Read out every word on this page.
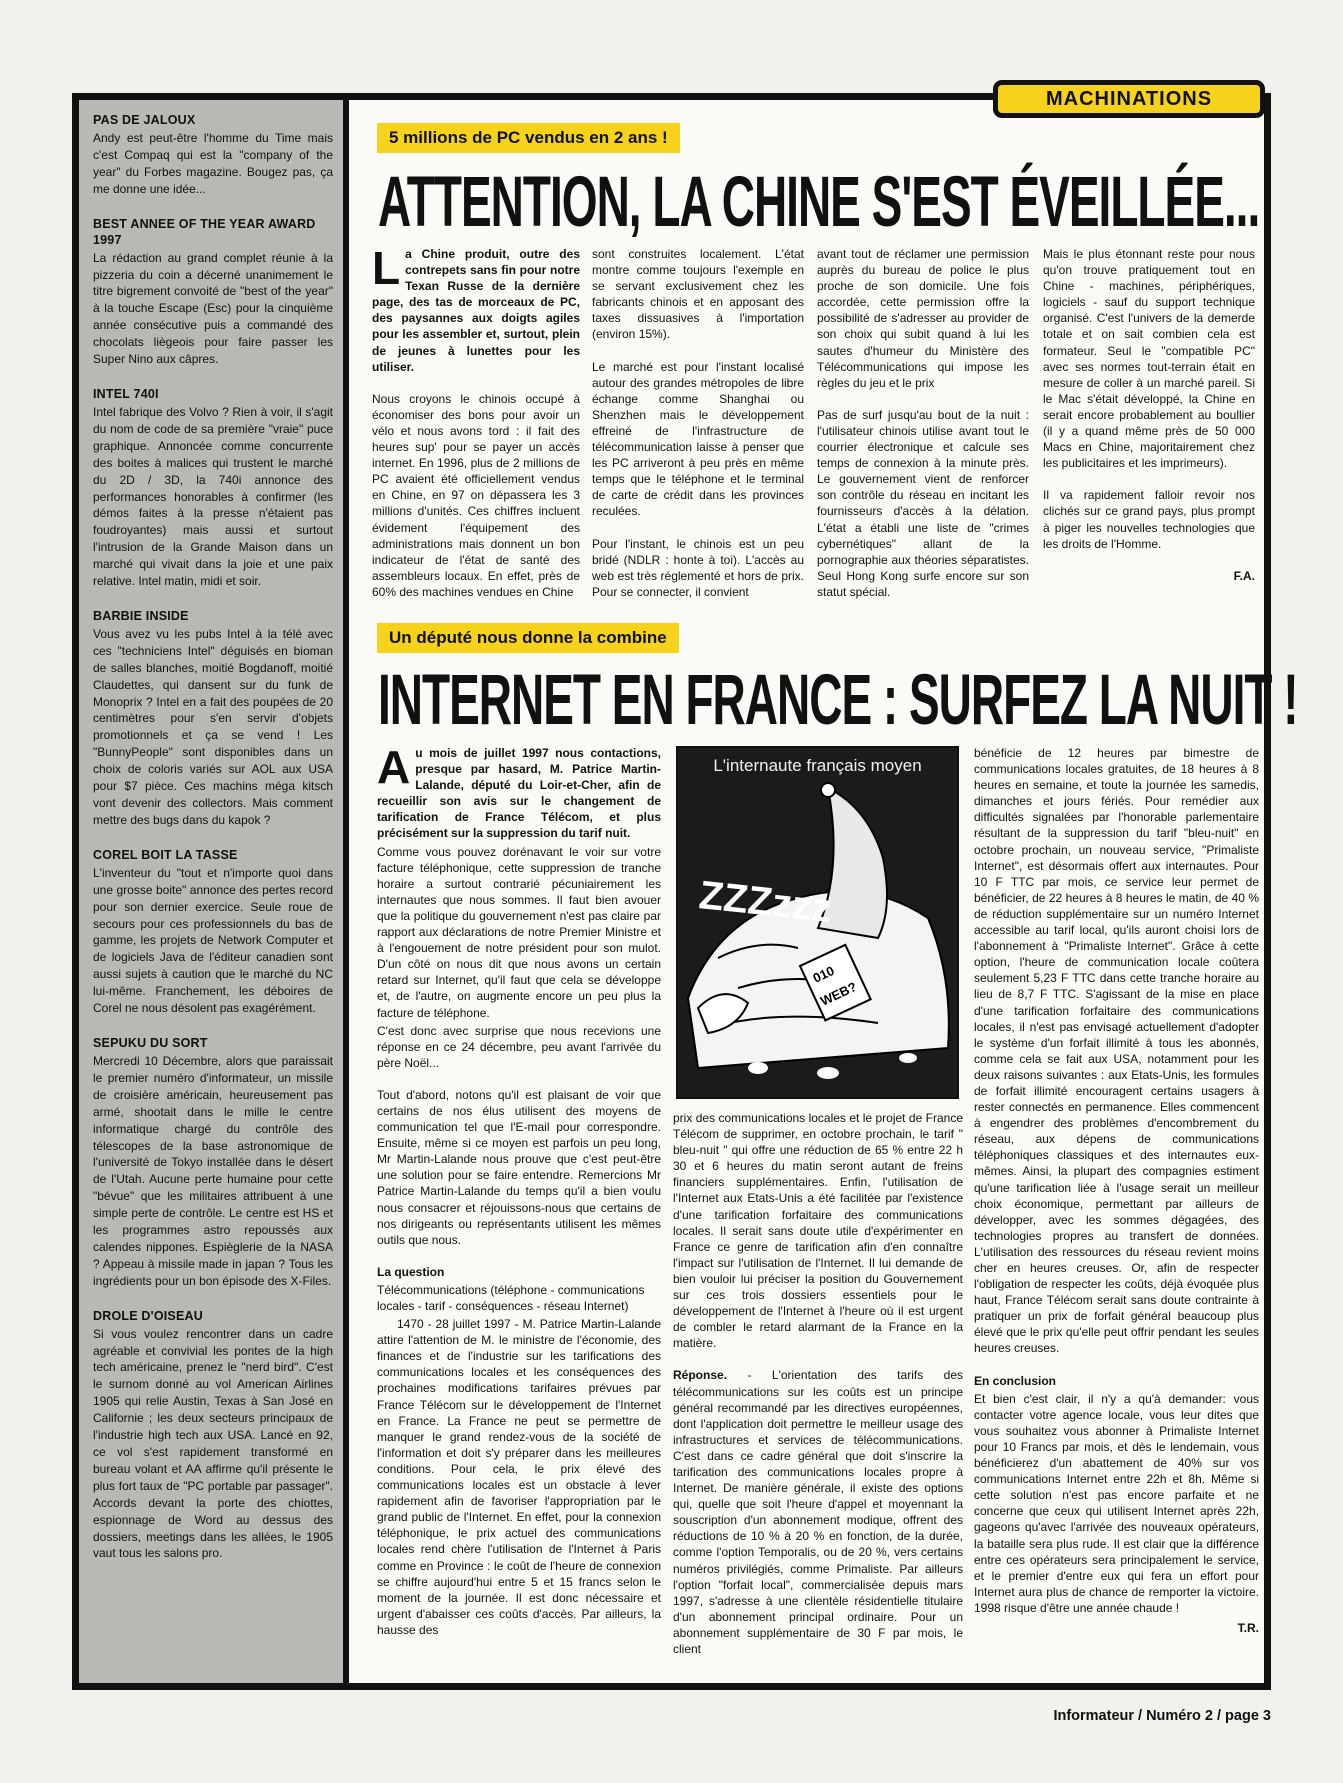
MACHINATIONS
PAS DE JALOUX

Andy est peut-être l'homme du Time mais c'est Compaq qui est la "company of the year" du Forbes magazine. Bougez pas, ça me donne une idée...

BEST ANNEE OF THE YEAR AWARD 1997

La rédaction au grand complet réunie à la pizzeria du coin a décerné unanimement le titre bigrement convoité de "best of the year" à la touche Escape (Esc) pour la cinquième année consécutive puis a commandé des chocolats liègeois pour faire passer les Super Nino aux câpres.

INTEL 740I

Intel fabrique des Volvo ? Rien à voir, il s'agit du nom de code de sa première "vraie" puce graphique. Annoncée comme concurrente des boites à malices qui trustent le marché du 2D / 3D, la 740i annonce des performances honorables à confirmer (les démos faites à la presse n'étaient pas foudroyantes) mais aussi et surtout l'intrusion de la Grande Maison dans un marché qui vivait dans la joie et une paix relative. Intel matin, midi et soir.

BARBIE INSIDE

Vous avez vu les pubs Intel à la télé avec ces "techniciens Intel" déguisés en bioman de salles blanches, moitié Bogdanoff, moitié Claudettes, qui dansent sur du funk de Monoprix ? Intel en a fait des poupées de 20 centimètres pour s'en servir d'objets promotionnels et ça se vend ! Les "BunnyPeople" sont disponibles dans un choix de coloris variés sur AOL aux USA pour $7 pièce. Ces machins méga kitsch vont devenir des collectors. Mais comment mettre des bugs dans du kapok ?

COREL BOIT LA TASSE

L'inventeur du "tout et n'importe quoi dans une grosse boite" annonce des pertes record pour son dernier exercice. Seule roue de secours pour ces professionnels du bas de gamme, les projets de Network Computer et de logiciels Java de l'éditeur canadien sont aussi sujets à caution que le marché du NC lui-même. Franchement, les déboires de Corel ne nous désolent pas exagérément.

SEPUKU DU SORT

Mercredi 10 Décembre, alors que paraissait le premier numéro d'informateur, un missile de croisière américain, heureusement pas armé, shootait dans le mille le centre informatique chargé du contrôle des télescopes de la base astronomique de l'université de Tokyo installée dans le désert de l'Utah. Aucune perte humaine pour cette "bévue" que les militaires attribuent à une simple perte de contrôle. Le centre est HS et les programmes astro repoussés aux calendes nippones. Espièglerie de la NASA ? Appeau à missile made in japan ? Tous les ingrédients pour un bon épisode des X-Files.

DROLE D'OISEAU

Si vous voulez rencontrer dans un cadre agréable et convivial les pontes de la high tech américaine, prenez le "nerd bird". C'est le surnom donné au vol American Airlines 1905 qui relie Austin, Texas à San José en Californie ; les deux secteurs principaux de l'industrie high tech aux USA. Lancé en 92, ce vol s'est rapidement transformé en bureau volant et AA affirme qu'il présente le plus fort taux de "PC portable par passager". Accords devant la porte des chiottes, espionnage de Word au dessus des dossiers, meetings dans les allées, le 1905 vaut tous les salons pro.

5 millions de PC vendus en 2 ans !
ATTENTION, LA CHINE S'EST ÉVEILLÉE...

La Chine produit, outre des contrepets sans fin pour notre Texan Russe de la dernière page, des tas de morceaux de PC, des paysannes aux doigts agiles pour les assembler et, surtout, plein de jeunes à lunettes pour les utiliser.

Nous croyons le chinois occupé à économiser des bons pour avoir un vélo et nous avons tord : il fait des heures sup' pour se payer un accès internet. En 1996, plus de 2 millions de PC avaient été officiellement vendus en Chine, en 97 on dépassera les 3 millions d'unités. Ces chiffres incluent évidement l'équipement des administrations mais donnent un bon indicateur de l'état de santé des assembleurs locaux. En effet, près de 60% des machines vendues en Chine

sont construites localement. L'état montre comme toujours l'exemple en se servant exclusivement chez les fabricants chinois et en apposant des taxes dissuasives à l'importation (environ 15%).

Le marché est pour l'instant localisé autour des grandes métropoles de libre échange comme Shanghai ou Shenzhen mais le développement effreiné de l'infrastructure de télécommunication laisse à penser que les PC arriveront à peu près en même temps que le téléphone et le terminal de carte de crédit dans les provinces reculées.

Pour l'instant, le chinois est un peu bridé (NDLR : honte à toi). L'accès au web est très réglementé et hors de prix. Pour se connecter, il convient

avant tout de réclamer une permission auprès du bureau de police le plus proche de son domicile. Une fois accordée, cette permission offre la possibilité de s'adresser au provider de son choix qui subit quand à lui les sautes d'humeur du Ministère des Télécommunications qui impose les règles du jeu et le prix

Pas de surf jusqu'au bout de la nuit : l'utilisateur chinois utilise avant tout le courrier électronique et calcule ses temps de connexion à la minute près. Le gouvernement vient de renforcer son contrôle du réseau en incitant les fournisseurs d'accès à la délation. L'état a établi une liste de "crimes cybernétiques" allant de la pornographie aux théories séparatistes. Seul Hong Kong surfe encore sur son statut spécial.

Mais le plus étonnant reste pour nous qu'on trouve pratiquement tout en Chine - machines, périphériques, logiciels - sauf du support technique organisé. C'est l'univers de la demerde totale et on sait combien cela est formateur. Seul le "compatible PC" avec ses normes tout-terrain était en mesure de coller à un marché pareil. Si le Mac s'était développé, la Chine en serait encore probablement au boullier (il y a quand même près de 50 000 Macs en Chine, majoritairement chez les publicitaires et les imprimeurs).

Il va rapidement falloir revoir nos clichés sur ce grand pays, plus prompt à piger les nouvelles technologies que les droits de l'Homme.

F.A.
Un député nous donne la combine
INTERNET EN FRANCE : SURFEZ LA NUIT !

Au mois de juillet 1997 nous contactions, presque par hasard, M. Patrice Martin-Lalande, député du Loir-et-Cher, afin de recueillir son avis sur le changement de tarification de France Télécom, et plus précisément sur la suppression du tarif nuit.

Comme vous pouvez dorénavant le voir sur votre facture téléphonique, cette suppression de tranche horaire a surtout contrarié pécuniairement les internautes que nous sommes. Il faut bien avouer que la politique du gouvernement n'est pas claire par rapport aux déclarations de notre Premier Ministre et à l'engouement de notre président pour son mulot. D'un côté on nous dit que nous avons un certain retard sur Internet, qu'il faut que cela se développe et, de l'autre, on augmente encore un peu plus la facture de téléphone.

C'est donc avec surprise que nous recevions une réponse en ce 24 décembre, peu avant l'arrivée du père Noël...

Tout d'abord, notons qu'il est plaisant de voir que certains de nos élus utilisent des moyens de communication tel que l'E-mail pour correspondre. Ensuite, même si ce moyen est parfois un peu long, Mr Martin-Lalande nous prouve que c'est peut-être une solution pour se faire entendre. Remercions Mr Patrice Martin-Lalande du temps qu'il a bien voulu nous consacrer et réjouissons-nous que certains de nos dirigeants ou représentants utilisent les mêmes outils que nous.

La question

Télécommunications (téléphone - communications locales - tarif - conséquences - réseau Internet)

1470 - 28 juillet 1997 - M. Patrice Martin-Lalande attire l'attention de M. le ministre de l'économie, des finances et de l'industrie sur les tarifications des communications locales et les conséquences des prochaines modifications tarifaires prévues par France Télécom sur le développement de l'Internet en France. La France ne peut se permettre de manquer le grand rendez-vous de la société de l'information et doit s'y préparer dans les meilleures conditions. Pour cela, le prix élevé des communications locales est un obstacle à lever rapidement afin de favoriser l'appropriation par le grand public de l'Internet. En effet, pour la connexion téléphonique, le prix actuel des communications locales rend chère l'utilisation de l'Internet à Paris comme en Province : le coût de l'heure de connexion se chiffre aujourd'hui entre 5 et 15 francs selon le moment de la journée. Il est donc nécessaire et urgent d'abaisser ces coûts d'accès. Par ailleurs, la hausse des

L'internaute français moyen
010
WEB?
ZZZzzz

prix des communications locales et le projet de France Télécom de supprimer, en octobre prochain, le tarif " bleu-nuit " qui offre une réduction de 65 % entre 22 h 30 et 6 heures du matin seront autant de freins financiers supplémentaires. Enfin, l'utilisation de l'Internet aux Etats-Unis a été facilitée par l'existence d'une tarification forfaitaire des communications locales. Il serait sans doute utile d'expérimenter en France ce genre de tarification afin d'en connaître l'impact sur l'utilisation de l'Internet. Il lui demande de bien vouloir lui préciser la position du Gouvernement sur ces trois dossiers essentiels pour le développement de l'Internet à l'heure où il est urgent de combler le retard alarmant de la France en la matière.

Réponse. - L'orientation des tarifs des télécommunications sur les coûts est un principe général recommandé par les directives européennes, dont l'application doit permettre le meilleur usage des infrastructures et services de télécommunications. C'est dans ce cadre général que doit s'inscrire la tarification des communications locales propre à Internet. De manière générale, il existe des options qui, quelle que soit l'heure d'appel et moyennant la souscription d'un abonnement modique, offrent des réductions de 10 % à 20 % en fonction, de la durée, comme l'option Temporalis, ou de 20 %, vers certains numéros privilégiés, comme Primaliste. Par ailleurs l'option "forfait local", commercialisée depuis mars 1997, s'adresse à une clientèle résidentielle titulaire d'un abonnement principal ordinaire. Pour un abonnement supplémentaire de 30 F par mois, le client

bénéficie de 12 heures par bimestre de communications locales gratuites, de 18 heures à 8 heures en semaine, et toute la journée les samedis, dimanches et jours fériés. Pour remédier aux difficultés signalées par l'honorable parlementaire résultant de la suppression du tarif "bleu-nuit" en octobre prochain, un nouveau service, "Primaliste Internet", est désormais offert aux internautes. Pour 10 F TTC par mois, ce service leur permet de bénéficier, de 22 heures à 8 heures le matin, de 40 % de réduction supplémentaire sur un numéro Internet accessible au tarif local, qu'ils auront choisi lors de l'abonnement à "Primaliste Internet". Grâce à cette option, l'heure de communication locale coûtera seulement 5,23 F TTC dans cette tranche horaire au lieu de 8,7 F TTC. S'agissant de la mise en place d'une tarification forfaitaire des communications locales, il n'est pas envisagé actuellement d'adopter le système d'un forfait illimité à tous les abonnés, comme cela se fait aux USA, notamment pour les deux raisons suivantes : aux Etats-Unis, les formules de forfait illimité encouragent certains usagers à rester connectés en permanence. Elles commencent à engendrer des problèmes d'encombrement du réseau, aux dépens de communications téléphoniques classiques et des internautes eux-mêmes. Ainsi, la plupart des compagnies estiment qu'une tarification liée à l'usage serait un meilleur choix économique, permettant par ailleurs de développer, avec les sommes dégagées, des technologies propres au transfert de données. L'utilisation des ressources du réseau revient moins cher en heures creuses. Or, afin de respecter l'obligation de respecter les coûts, déjà évoquée plus haut, France Télécom serait sans doute contrainte à pratiquer un prix de forfait général beaucoup plus élevé que le prix qu'elle peut offrir pendant les seules heures creuses.

En conclusion

Et bien c'est clair, il n'y a qu'à demander: vous contacter votre agence locale, vous leur dites que vous souhaitez vous abonner à Primaliste Internet pour 10 Francs par mois, et dès le lendemain, vous bénéficierez d'un abattement de 40% sur vos communications Internet entre 22h et 8h. Même si cette solution n'est pas encore parfaite et ne concerne que ceux qui utilisent Internet après 22h, gageons qu'avec l'arrivée des nouveaux opérateurs, la bataille sera plus rude. Il est clair que la différence entre ces opérateurs sera principalement le service, et le premier d'entre eux qui fera un effort pour Internet aura plus de chance de remporter la victoire. 1998 risque d'être une année chaude !

T.R.
Informateur / Numéro 2 / page 3
